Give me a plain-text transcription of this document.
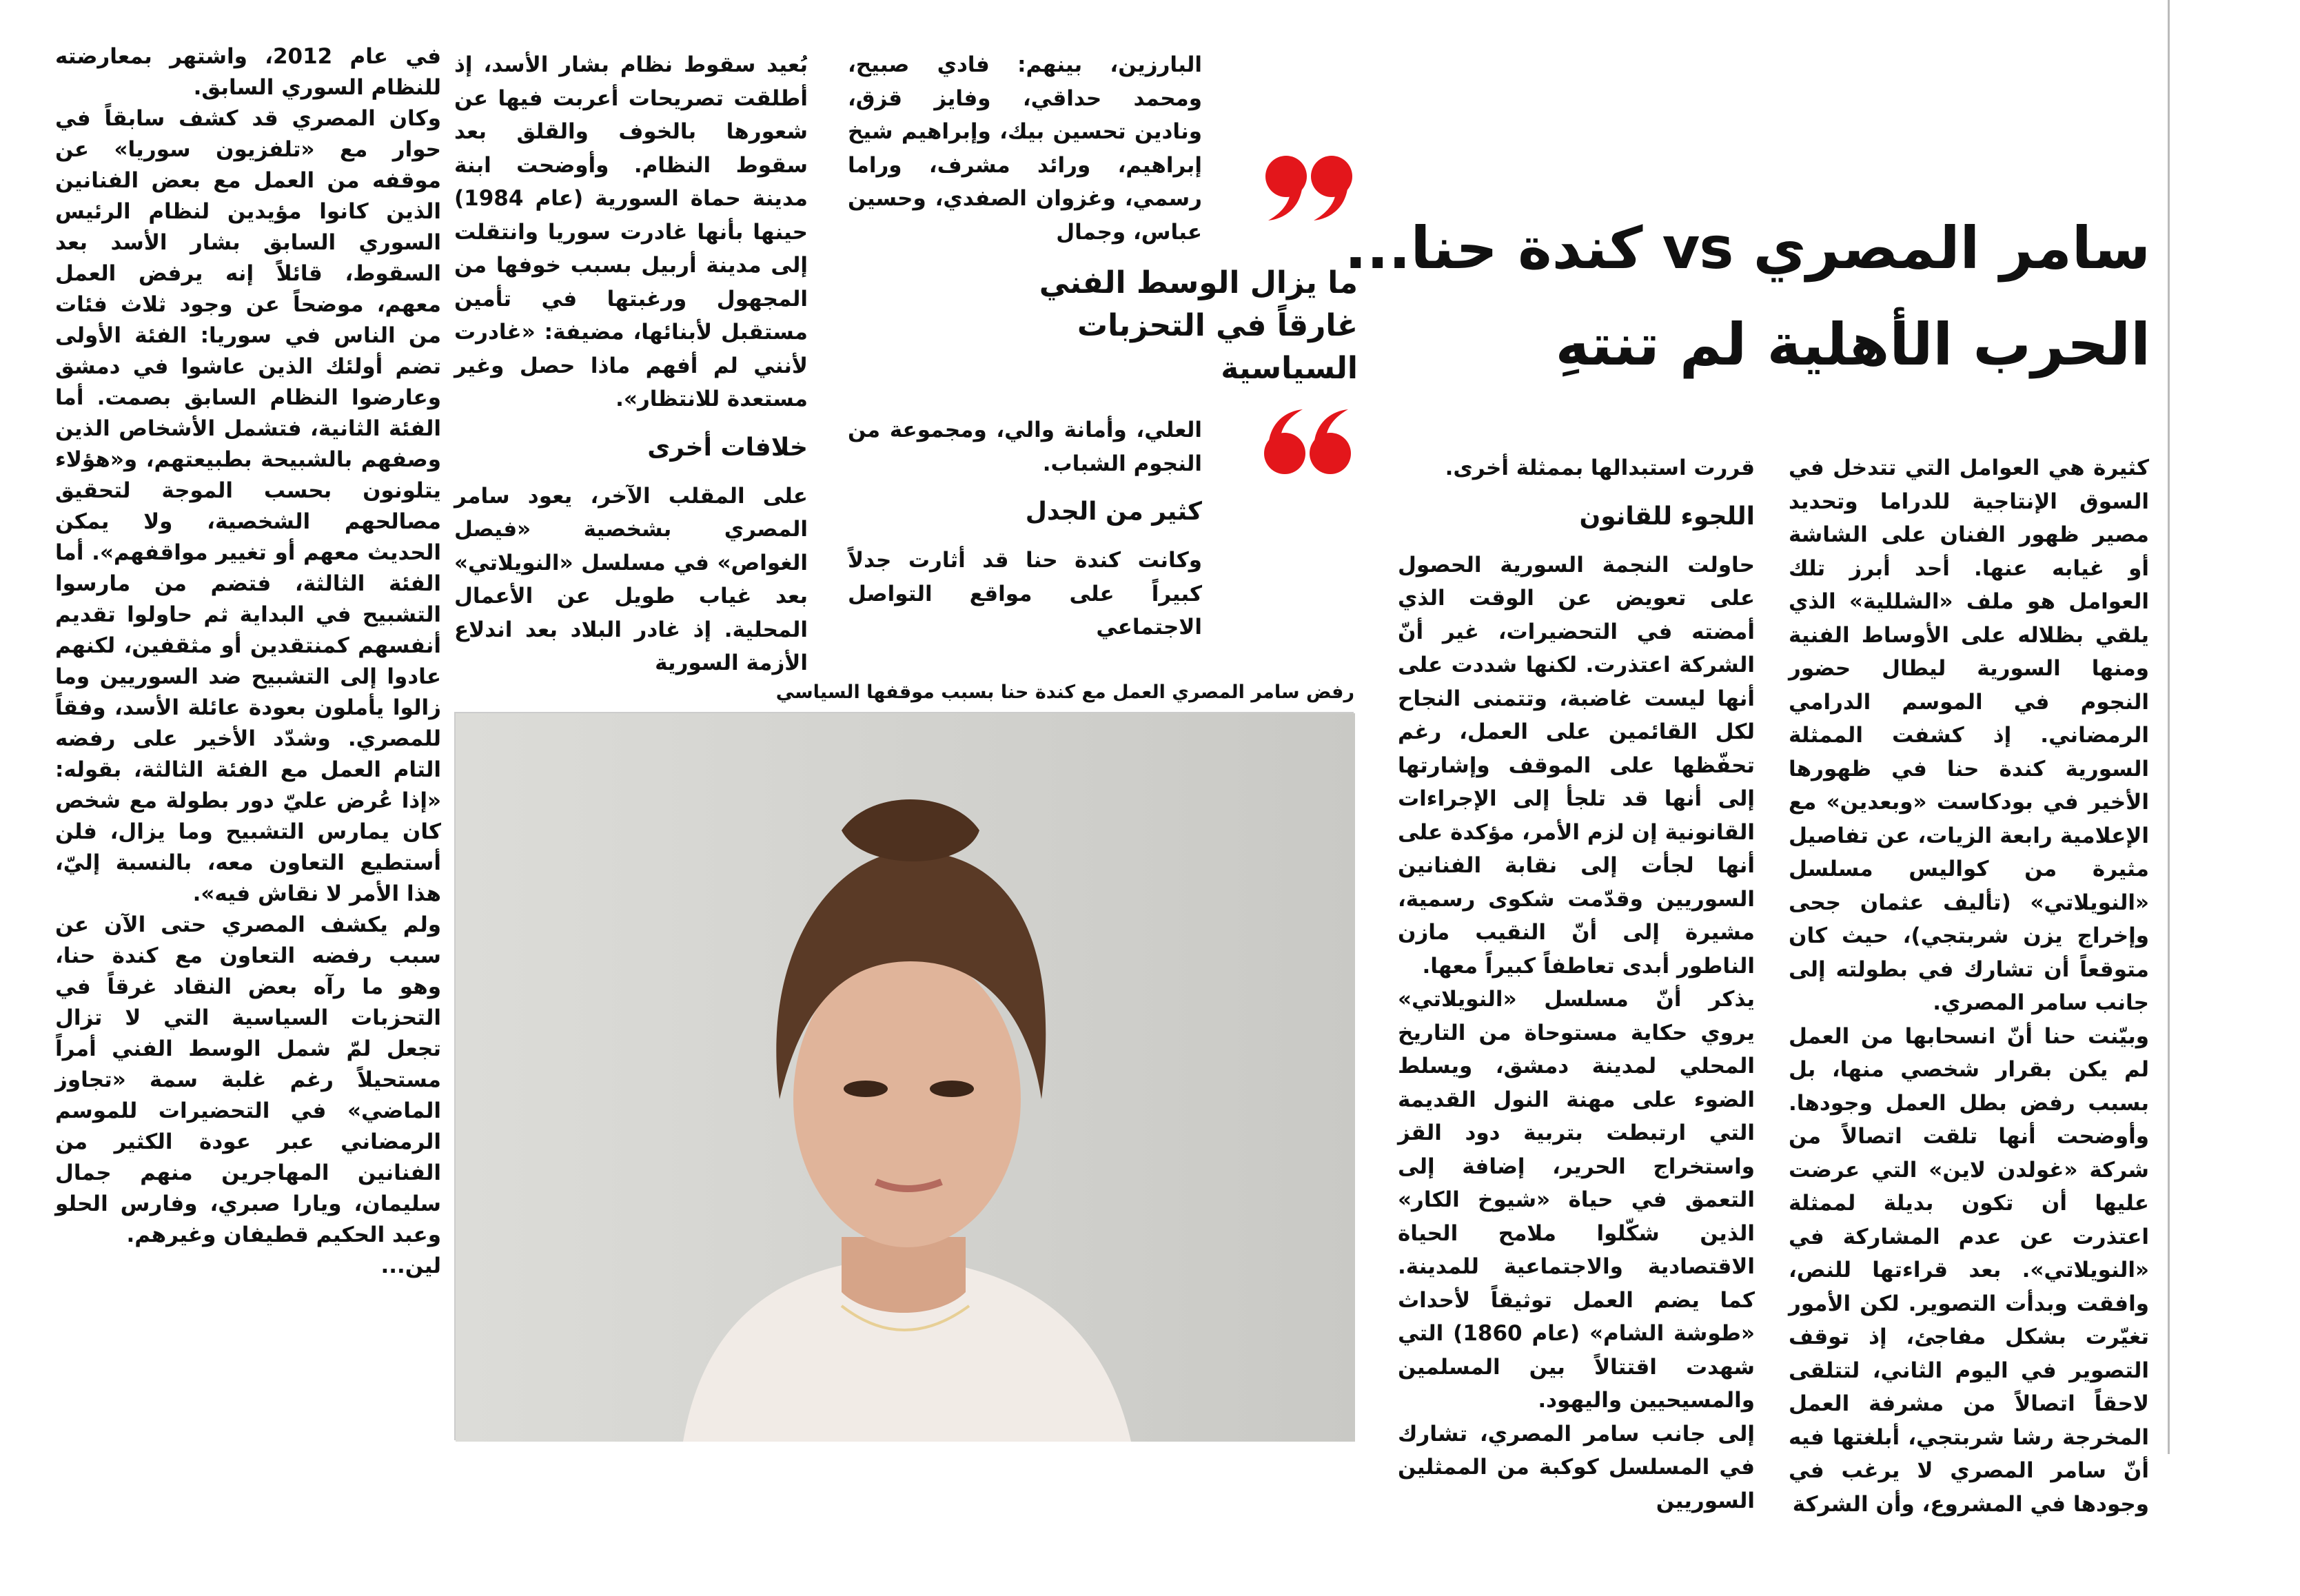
سامر المصري vs كندة حنا...
الحرب الأهلية لم تنتهِ

كثيرة هي العوامل التي تتدخل في السوق الإنتاجية للدراما وتحديد مصير ظهور الفنان على الشاشة أو غيابه عنها. أحد أبرز تلك العوامل هو ملف «الشللية» الذي يلقي بظلاله على الأوساط الفنية ومنها السورية ليطال حضور النجوم في الموسم الدرامي الرمضاني. إذ كشفت الممثلة السورية كندة حنا في ظهورها الأخير في بودكاست «وبعدين» مع الإعلامية رابعة الزيات، عن تفاصيل مثيرة من كواليس مسلسل «النويلاتي» (تأليف عثمان جحى وإخراج يزن شربتجي)، حيث كان متوقعاً أن تشارك في بطولته إلى جانب سامر المصري.

وبيّنت حنا أنّ انسحابها من العمل لم يكن بقرار شخصي منها، بل بسبب رفض بطل العمل وجودها. وأوضحت أنها تلقت اتصالاً من شركة «غولدن لاين» التي عرضت عليها أن تكون بديلة لممثلة اعتذرت عن عدم المشاركة في «النويلاتي». بعد قراءتها للنص، وافقت وبدأت التصوير. لكن الأمور تغيّرت بشكل مفاجئ، إذ توقف التصوير في اليوم الثاني، لتتلقى لاحقاً اتصالاً من مشرفة العمل المخرجة رشا شربتجي، أبلغتها فيه أنّ سامر المصري لا يرغب في وجودها في المشروع، وأن الشركة

قررت استبدالها بممثلة أخرى.

اللجوء للقانون

حاولت النجمة السورية الحصول على تعويض عن الوقت الذي أمضته في التحضيرات، غير أنّ الشركة اعتذرت. لكنها شددت على أنها ليست غاضبة، وتتمنى النجاح لكل القائمين على العمل، رغم تحفّظها على الموقف وإشارتها إلى أنها قد تلجأ إلى الإجراءات القانونية إن لزم الأمر، مؤكدة على أنها لجأت إلى نقابة الفنانين السوريين وقدّمت شكوى رسمية، مشيرة إلى أنّ النقيب مازن الناطور أبدى تعاطفاً كبيراً معها.

يذكر أنّ مسلسل «النويلاتي» يروي حكاية مستوحاة من التاريخ المحلي لمدينة دمشق، ويسلط الضوء على مهنة النول القديمة التي ارتبطت بتربية دود القز واستخراج الحرير، إضافة إلى التعمق في حياة «شيوخ الكار» الذين شكّلوا ملامح الحياة الاقتصادية والاجتماعية للمدينة. كما يضم العمل توثيقاً لأحداث «طوشة الشام» (عام 1860) التي شهدت اقتتالاً بين المسلمين والمسيحيين واليهود.

إلى جانب سامر المصري، تشارك في المسلسل كوكبة من الممثلين السوريين

البارزين، بينهم: فادي صبيح، ومحمد حداقي، وفايز قزق، ونادين تحسين بيك، وإبراهيم شيخ إبراهيم، ورائد مشرف، وراما رسمي، وغزوان الصفدي، وحسين عباس، وجمال

ما يزال الوسط الفني غارقاً في التحزبات السياسية

العلي، وأمانة والي، ومجموعة من النجوم الشباب.

كثير من الجدل

وكانت كندة حنا قد أثارت جدلاً كبيراً على مواقع التواصل الاجتماعي

بُعيد سقوط نظام بشار الأسد، إذ أطلقت تصريحات أعربت فيها عن شعورها بالخوف والقلق بعد سقوط النظام. وأوضحت ابنة مدينة حماة السورية (عام 1984) حينها بأنها غادرت سوريا وانتقلت إلى مدينة أربيل بسبب خوفها من المجهول ورغبتها في تأمين مستقبل لأبنائها، مضيفة: «غادرت لأنني لم أفهم ماذا حصل وغير مستعدة للانتظار».

خلافات أخرى

على المقلب الآخر، يعود سامر المصري بشخصية «فيصل الغواص» في مسلسل «النويلاتي» بعد غياب طويل عن الأعمال المحلية. إذ غادر البلاد بعد اندلاع الأزمة السورية

رفض سامر المصري العمل مع كندة حنا بسبب موقفها السياسي

في عام 2012، واشتهر بمعارضته للنظام السوري السابق.

وكان المصري قد كشف سابقاً في حوار مع «تلفزيون سوريا» عن موقفه من العمل مع بعض الفنانين الذين كانوا مؤيدين لنظام الرئيس السوري السابق بشار الأسد بعد السقوط، قائلاً إنه يرفض العمل معهم، موضحاً عن وجود ثلاث فئات من الناس في سوريا: الفئة الأولى تضم أولئك الذين عاشوا في دمشق وعارضوا النظام السابق بصمت. أما الفئة الثانية، فتشمل الأشخاص الذين وصفهم بالشبيحة بطبيعتهم، و«هؤلاء يتلونون بحسب الموجة لتحقيق مصالحهم الشخصية، ولا يمكن الحديث معهم أو تغيير مواقفهم». أما الفئة الثالثة، فتضم من مارسوا التشبيح في البداية ثم حاولوا تقديم أنفسهم كمنتقدين أو مثقفين، لكنهم عادوا إلى التشبيح ضد السوريين وما زالوا يأملون بعودة عائلة الأسد، وفقاً للمصري. وشدّد الأخير على رفضه التام العمل مع الفئة الثالثة، بقوله: «إذا عُرض عليّ دور بطولة مع شخص كان يمارس التشبيح وما يزال، فلن أستطيع التعاون معه، بالنسبة إليّ، هذا الأمر لا نقاش فيه».

ولم يكشف المصري حتى الآن عن سبب رفضه التعاون مع كندة حنا، وهو ما رآه بعض النقاد غرقاً في التحزبات السياسية التي لا تزال تجعل لمّ شمل الوسط الفني أمراً مستحيلاً رغم غلبة سمة «تجاوز الماضي» في التحضيرات للموسم الرمضاني عبر عودة الكثير من الفنانين المهاجرين منهم جمال سليمان، ويارا صبري، وفارس الحلو وعبد الحكيم قطيفان وغيرهم.

لين...
